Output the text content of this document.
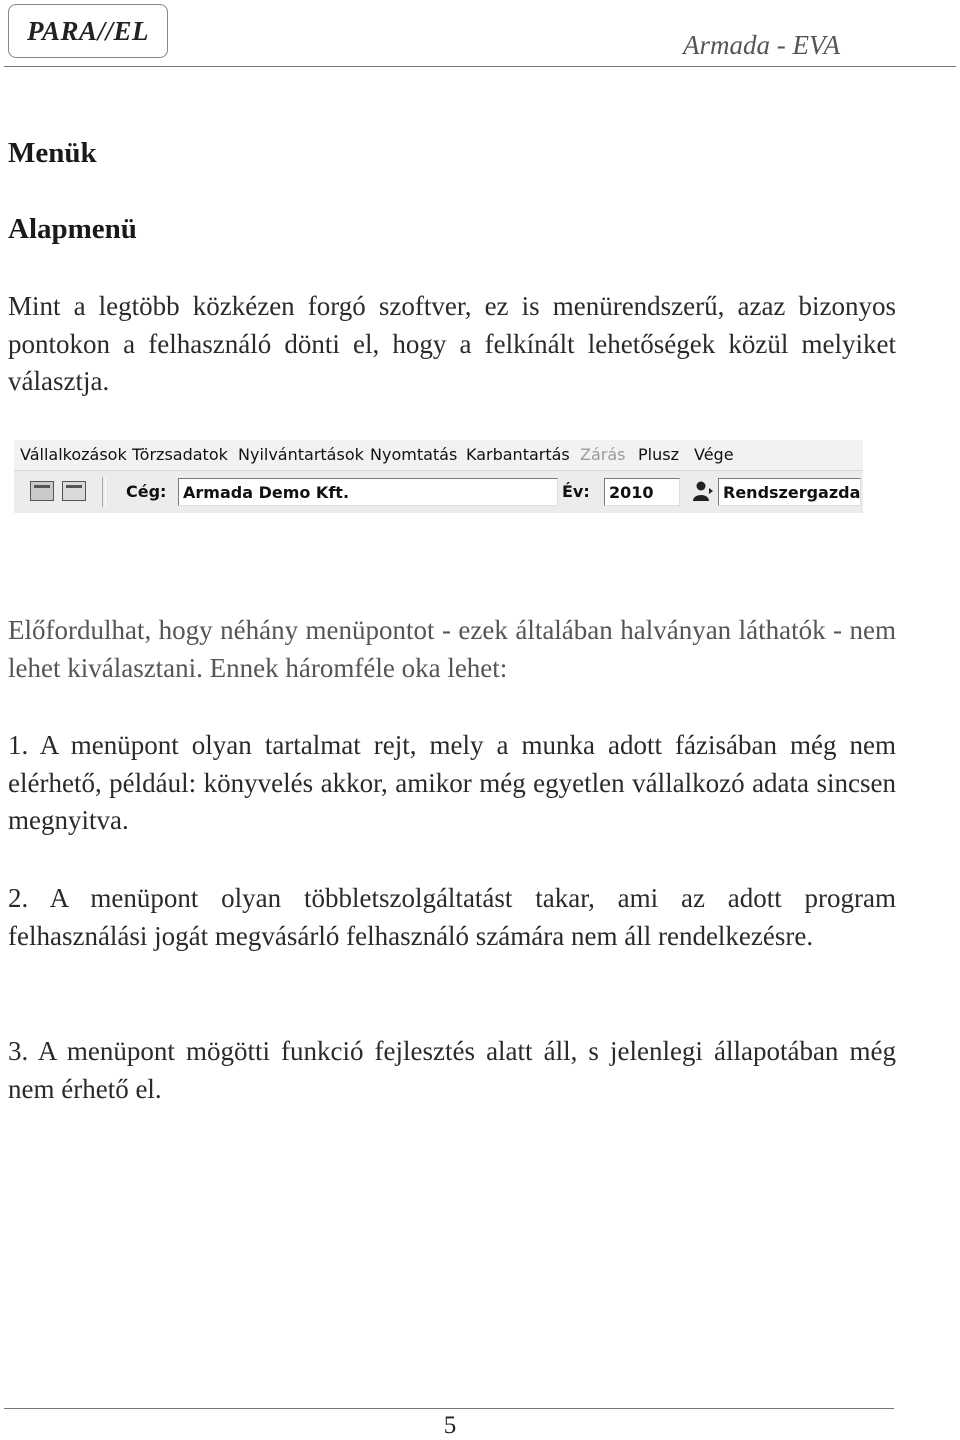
PARA//EL	Armada - EVA
Menük
Alapmenü
Mint a legtöbb közkézen forgó szoftver, ez is menürendszerű, azaz bizonyos pontokon a felhasználó dönti el, hogy a felkínált lehetőségek közül melyiket választja.
Vállalkozások Törzsadatok Nyilvántartások Nyomtatás Karbantartás Zárás Plusz Vége
Cég:	Armada Demo Kft.	Év:	2010	Rendszergazda
Előfordulhat, hogy néhány menüpontot - ezek általában halványan láthatók - nem lehet kiválasztani. Ennek háromféle oka lehet:
1. A menüpont olyan tartalmat rejt, mely a munka adott fázisában még nem elérhető, például: könyvelés akkor, amikor még egyetlen vállalkozó adata sincsen megnyitva.
2. A menüpont olyan többletszolgáltatást takar, ami az adott program felhasználási jogát megvásárló felhasználó számára nem áll rendelkezésre.
3. A menüpont mögötti funkció fejlesztés alatt áll, s jelenlegi állapotában még nem érhető el.
5
